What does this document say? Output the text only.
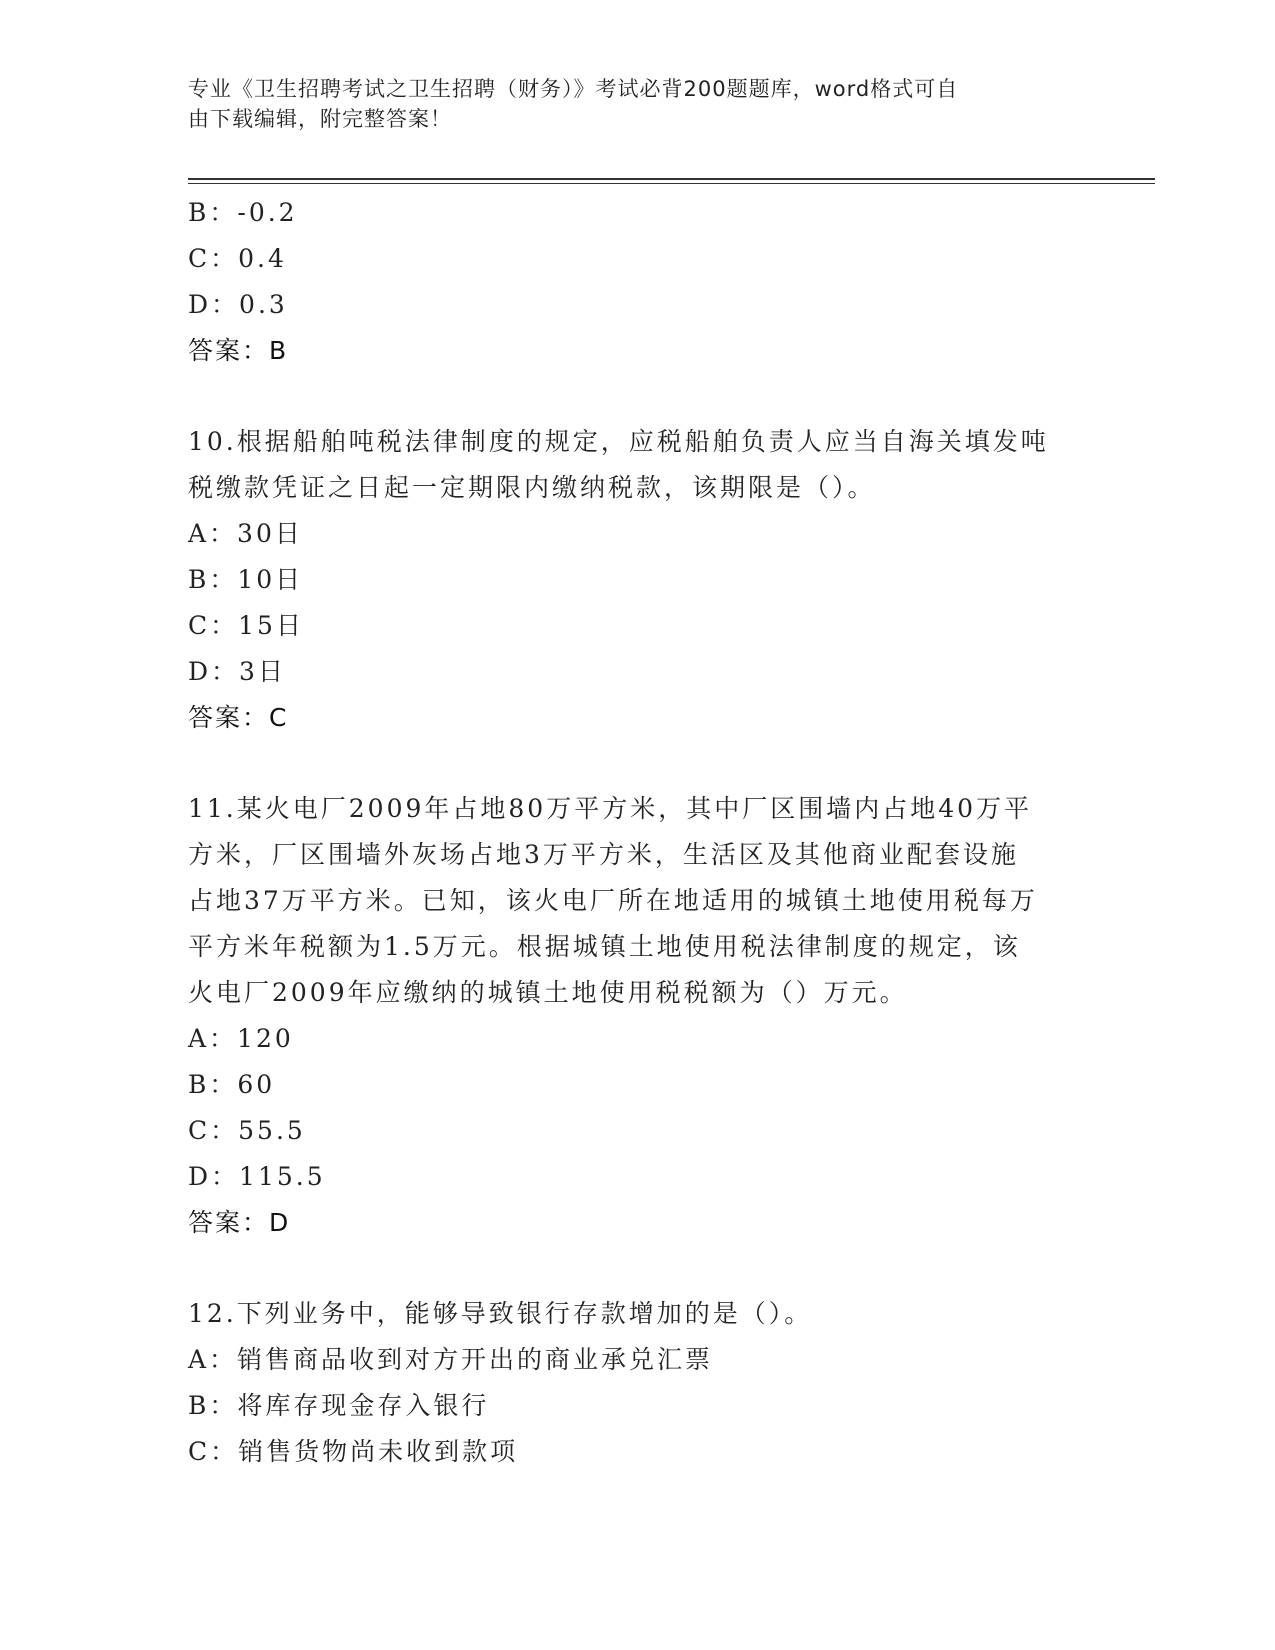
专业《卫生招聘考试之卫生招聘（财务）》考试必背200题题库，word格式可自
由下载编辑，附完整答案！
B：-0.2
C：0.4
D：0.3
答案：B
10.根据船舶吨税法律制度的规定，应税船舶负责人应当自海关填发吨
税缴款凭证之日起一定期限内缴纳税款，该期限是（）。
A：30日
B：10日
C：15日
D：3日
答案：C
11.某火电厂2009年占地80万平方米，其中厂区围墙内占地40万平
方米，厂区围墙外灰场占地3万平方米，生活区及其他商业配套设施
占地37万平方米。已知，该火电厂所在地适用的城镇土地使用税每万
平方米年税额为1.5万元。根据城镇土地使用税法律制度的规定，该
火电厂2009年应缴纳的城镇土地使用税税额为（）万元。
A：120
B：60
C：55.5
D：115.5
答案：D
12.下列业务中，能够导致银行存款增加的是（）。
A：销售商品收到对方开出的商业承兑汇票
B：将库存现金存入银行
C：销售货物尚未收到款项
